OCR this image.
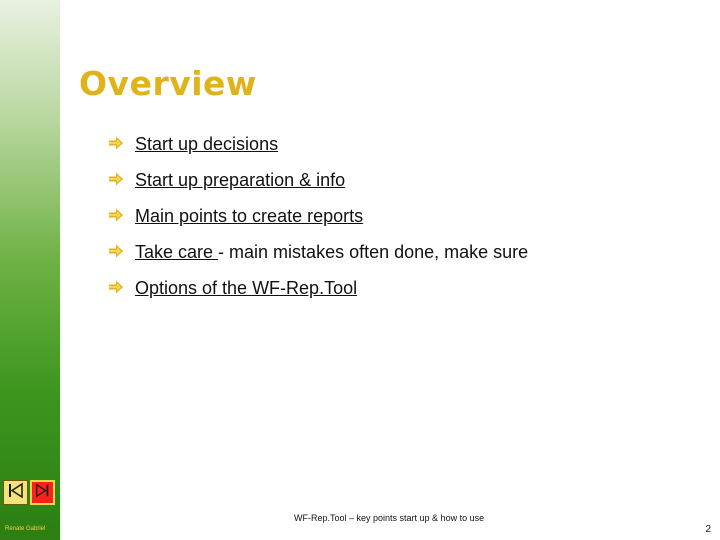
Overview
Start up decisions
Start up preparation & info
Main points to create reports
Take care - main mistakes often done, make sure
Options of the WF-Rep.Tool
Renate Gabriel
WF-Rep.Tool – key points start up & how to use
2
